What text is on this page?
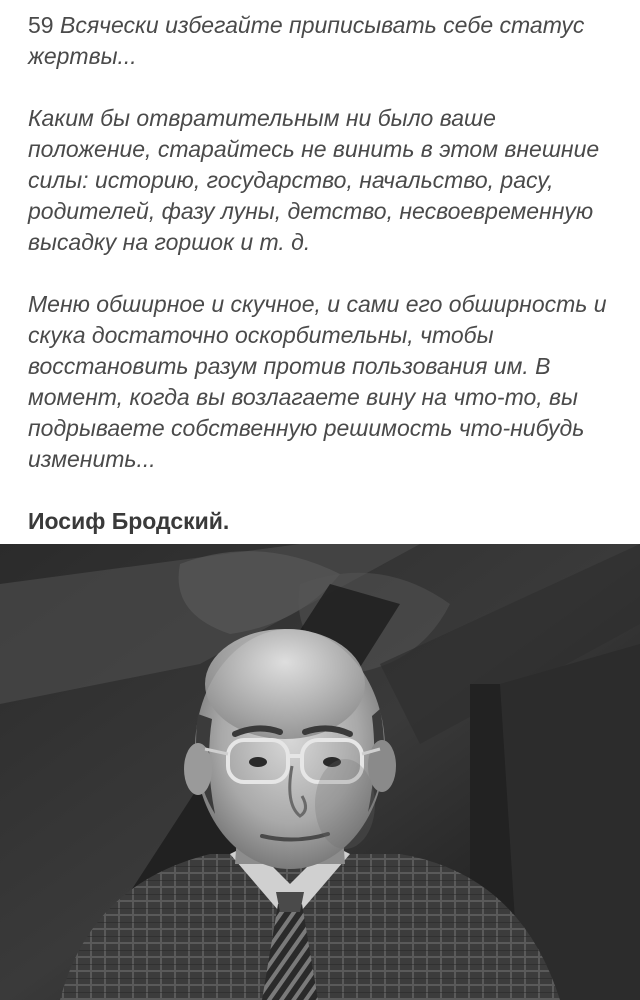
59 Всячески избегайте приписывать себе статус жертвы...

Каким бы отвратительным ни было ваше положение, старайтесь не винить в этом внешние силы: историю, государство, начальство, расу, родителей, фазу луны, детство, несвоевременную высадку на горшок и т. д.

Меню обширное и скучное, и сами его обширность и скука достаточно оскорбительны, чтобы восстановить разум против пользования им. В момент, когда вы возлагаете вину на что-то, вы подрываете собственную решимость что-нибудь изменить...

Иосиф Бродский.
